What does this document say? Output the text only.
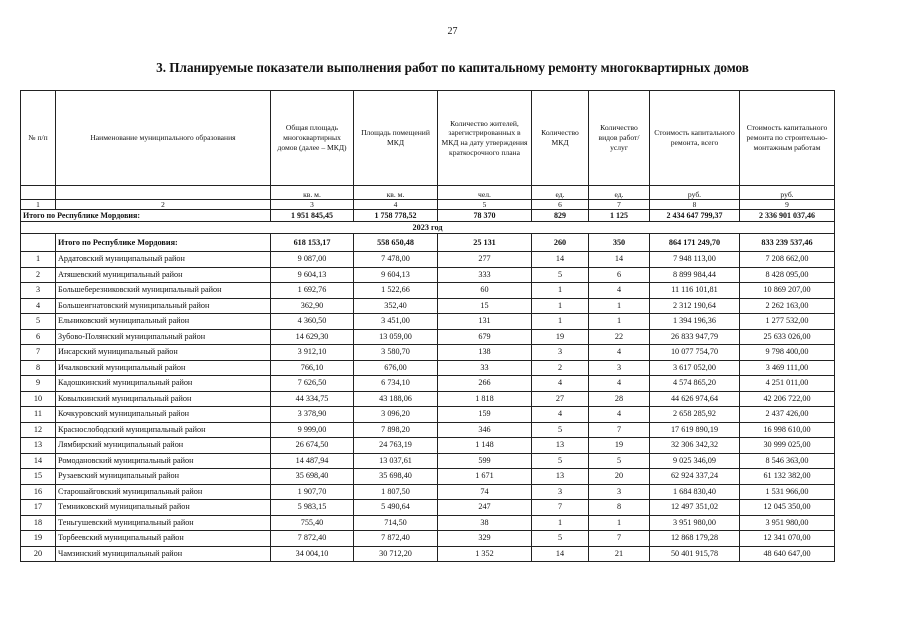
27
3. Планируемые показатели выполнения работ по капитальному ремонту многоквартирных домов
№ п/п	Наименование муниципального образования	Общая площадь многоквартирных домов (далее – МКД)	Площадь помещений МКД	Количество жителей, зарегистрированных в МКД на дату утверждения краткосрочного плана	Количество МКД	Количество видов работ/услуг	Стоимость капитального ремонта, всего	Стоимость капитального ремонта по строительно-монтажным работам
		кв. м.	кв. м.	чел.	ед.	ед.	руб.	руб.
1	2	3	4	5	6	7	8	9
Итого по Республике Мордовия:		1 951 845,45	1 758 778,52	78 370	829	1 125	2 434 647 799,37	2 336 901 037,46
2023 год								
	Итого по Республике Мордовия:	618 153,17	558 650,48	25 131	260	350	864 171 249,70	833 239 537,46
1	Ардатовский муниципальный район	9 087,00	7 478,00	277	14	14	7 948 113,00	7 208 662,00
2	Атяшевский муниципальный район	9 604,13	9 604,13	333	5	6	8 899 984,44	8 428 095,00
3	Большеберезниковский муниципальный район	1 692,76	1 522,66	60	1	4	11 116 101,81	10 869 207,00
4	Большеигнатовский муниципальный район	362,90	352,40	15	1	1	2 312 190,64	2 262 163,00
5	Ельниковский муниципальный район	4 360,50	3 451,00	131	1	1	1 394 196,36	1 277 532,00
6	Зубово-Полянский муниципальный район	14 629,30	13 059,00	679	19	22	26 833 947,79	25 633 026,00
7	Инсарский муниципальный район	3 912,10	3 580,70	138	3	4	10 077 754,70	9 798 400,00
8	Ичалковский муниципальный район	766,10	676,00	33	2	3	3 617 052,00	3 469 111,00
9	Кадошкинский муниципальный район	7 626,50	6 734,10	266	4	4	4 574 865,20	4 251 011,00
10	Ковылкинский муниципальный район	44 334,75	43 188,06	1 818	27	28	44 626 974,64	42 206 722,00
11	Кочкуровский муниципальный район	3 378,90	3 096,20	159	4	4	2 658 285,92	2 437 426,00
12	Краснослободский муниципальный район	9 999,00	7 898,20	346	5	7	17 619 890,19	16 998 610,00
13	Лямбирский муниципальный район	26 674,50	24 763,19	1 148	13	19	32 306 342,32	30 999 025,00
14	Ромодановский муниципальный район	14 487,94	13 037,61	599	5	5	9 025 346,09	8 546 363,00
15	Рузаевский муниципальный район	35 698,40	35 698,40	1 671	13	20	62 924 337,24	61 132 382,00
16	Старошайговский муниципальный район	1 907,70	1 807,50	74	3	3	1 684 830,40	1 531 966,00
17	Темниковский муниципальный район	5 983,15	5 490,64	247	7	8	12 497 351,02	12 045 350,00
18	Теньгушевский муниципальный район	755,40	714,50	38	1	1	3 951 980,00	3 951 980,00
19	Торбеевский муниципальный район	7 872,40	7 872,40	329	5	7	12 868 179,28	12 341 070,00
20	Чамзинский муниципальный район	34 004,10	30 712,20	1 352	14	21	50 401 915,78	48 640 647,00
